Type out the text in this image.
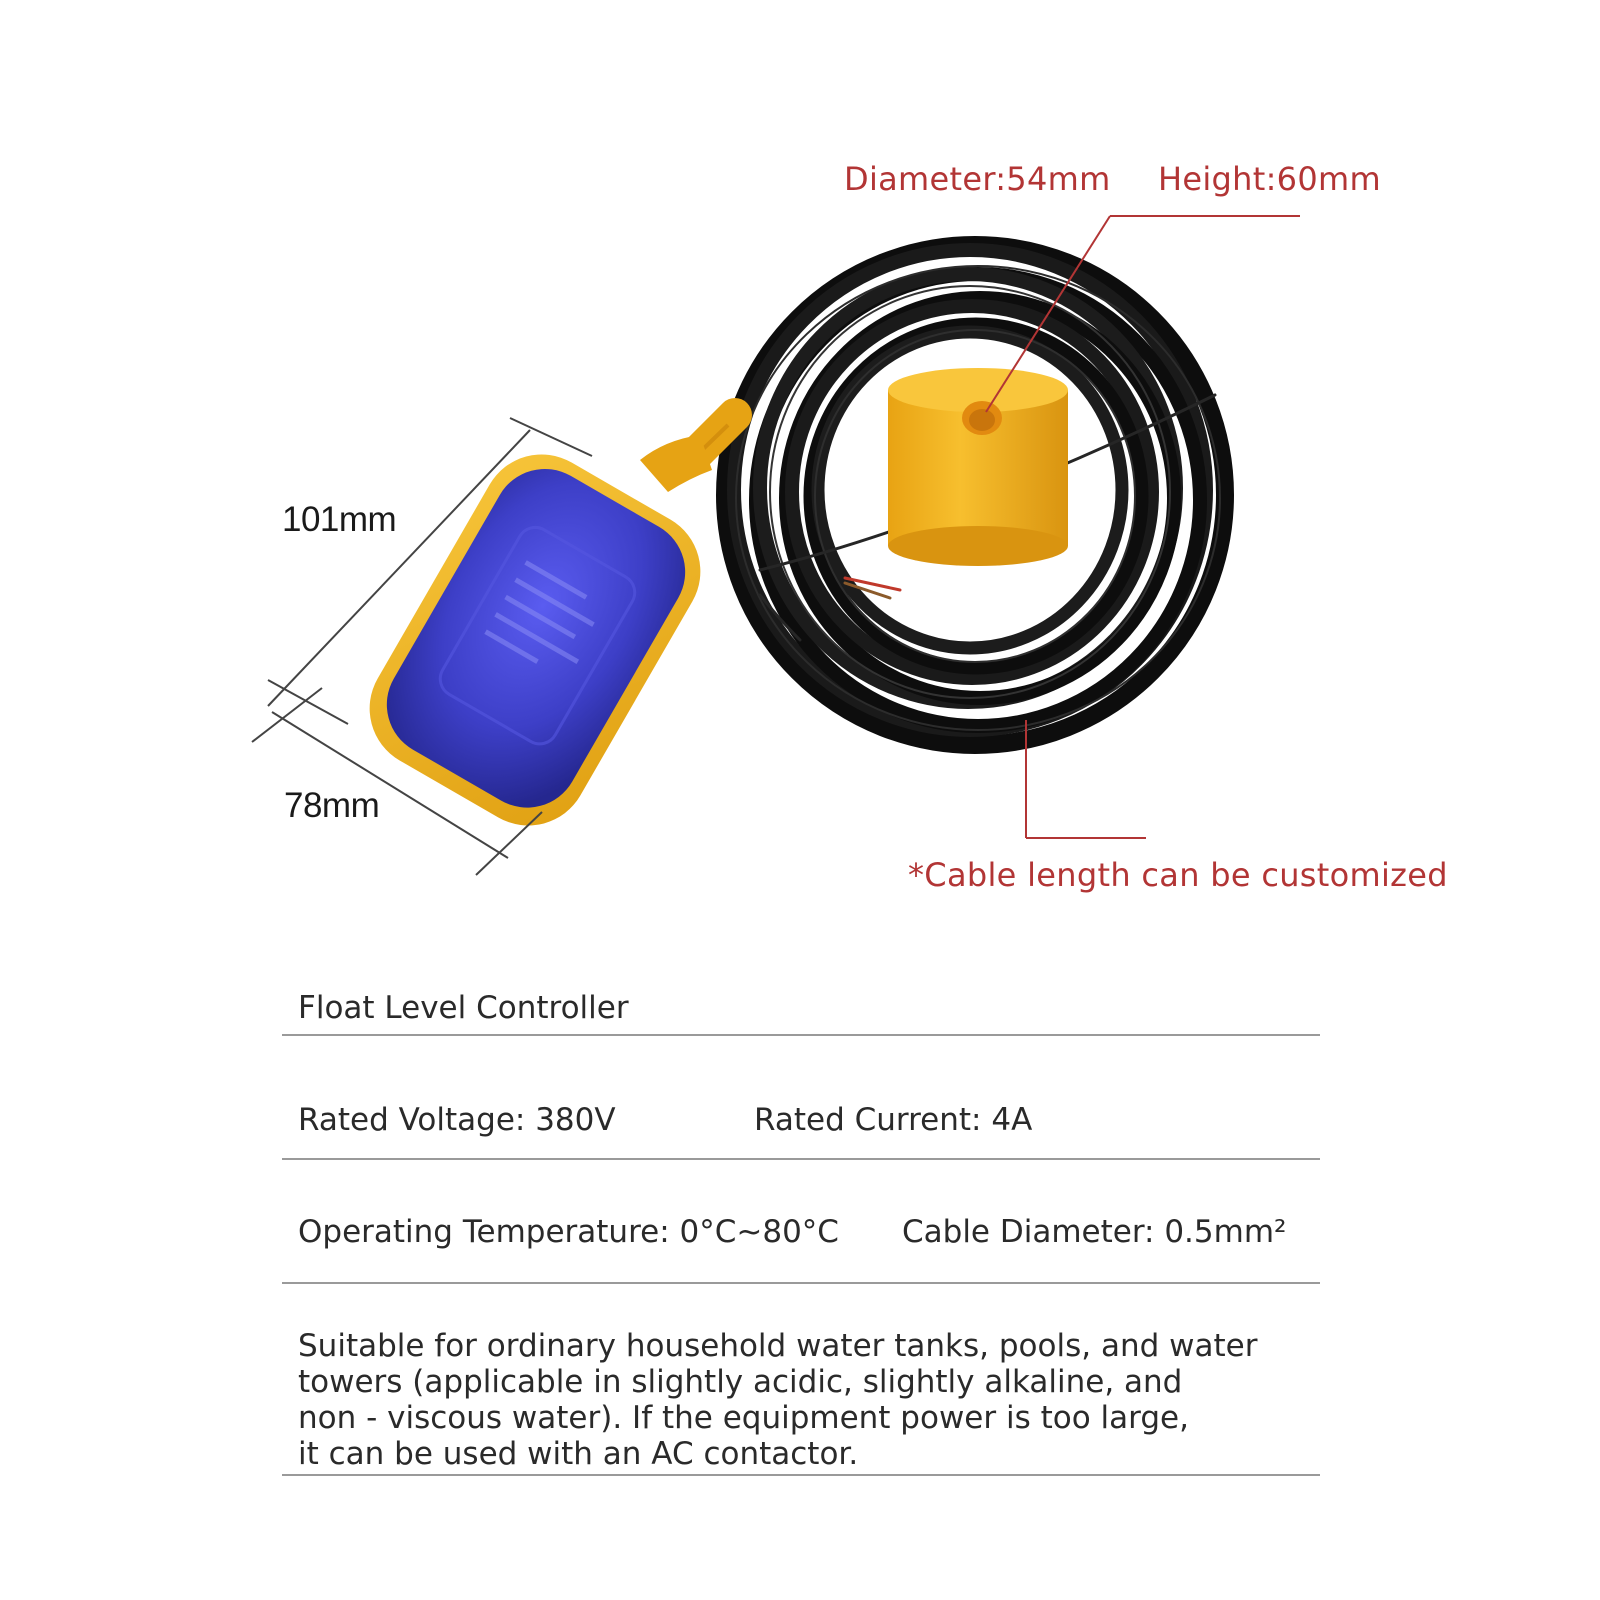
Diameter:54mm Height:60mm
101mm
78mm
*Cable length can be customized
Float Level Controller
Rated Voltage: 380V	Rated Current: 4A
Operating Temperature: 0°C~80°C Cable Diameter: 0.5mm²
Suitable for ordinary household water tanks, pools, and water
towers (applicable in slightly acidic, slightly alkaline, and
non - viscous water). If the equipment power is too large,
it can be used with an AC contactor.
